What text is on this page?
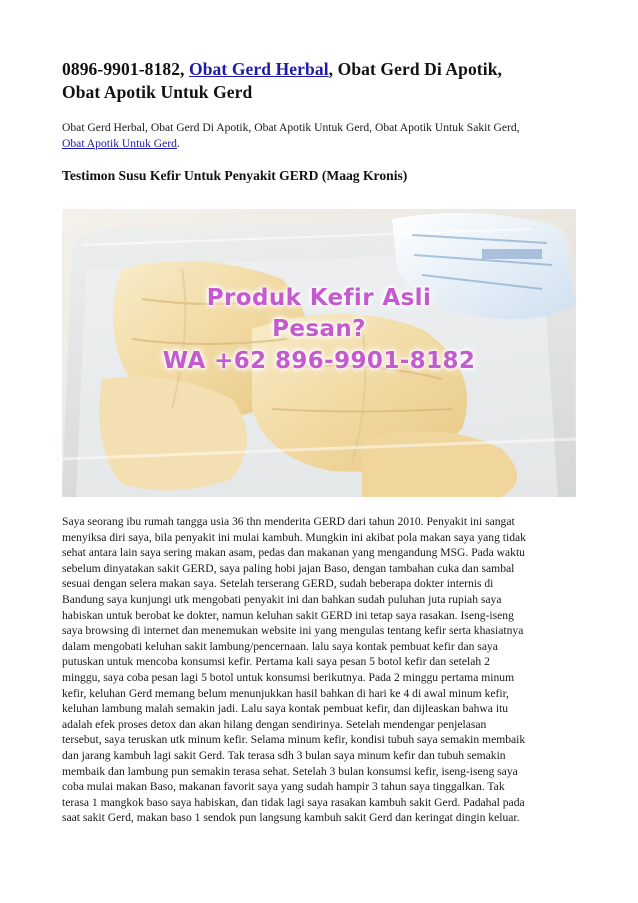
0896-9901-8182, Obat Gerd Herbal, Obat Gerd Di Apotik,
Obat Apotik Untuk Gerd
Obat Gerd Herbal, Obat Gerd Di Apotik, Obat Apotik Untuk Gerd, Obat Apotik Untuk Sakit Gerd,
Obat Apotik Untuk Gerd.
Testimon Susu Kefir Untuk Penyakit GERD (Maag Kronis)
Produk Kefir Asli
Pesan?
WA +62 896-9901-8182
Saya seorang ibu rumah tangga usia 36 thn menderita GERD dari tahun 2010. Penyakit ini sangat
menyiksa diri saya, bila penyakit ini mulai kambuh. Mungkin ini akibat pola makan saya yang tidak
sehat antara lain saya sering makan asam, pedas dan makanan yang mengandung MSG. Pada waktu
sebelum dinyatakan sakit GERD, saya paling hobi jajan Baso, dengan tambahan cuka dan sambal
sesuai dengan selera makan saya. Setelah terserang GERD, sudah beberapa dokter internis di
Bandung saya kunjungi utk mengobati penyakit ini dan bahkan sudah puluhan juta rupiah saya
habiskan untuk berobat ke dokter, namun keluhan sakit GERD ini tetap saya rasakan. Iseng-iseng
saya browsing di internet dan menemukan website ini yang mengulas tentang kefir serta khasiatnya
dalam mengobati keluhan sakit lambung/pencernaan. lalu saya kontak pembuat kefir dan saya
putuskan untuk mencoba konsumsi kefir. Pertama kali saya pesan 5 botol kefir dan setelah 2
minggu, saya coba pesan lagi 5 botol untuk konsumsi berikutnya. Pada 2 minggu pertama minum
kefir, keluhan Gerd memang belum menunjukkan hasil bahkan di hari ke 4 di awal minum kefir,
keluhan lambung malah semakin jadi. Lalu saya kontak pembuat kefir, dan dijleaskan bahwa itu
adalah efek proses detox dan akan hilang dengan sendirinya. Setelah mendengar penjelasan
tersebut, saya teruskan utk minum kefir. Selama minum kefir, kondisi tubuh saya semakin membaik
dan jarang kambuh lagi sakit Gerd. Tak terasa sdh 3 bulan saya minum kefir dan tubuh semakin
membaik dan lambung pun semakin terasa sehat. Setelah 3 bulan konsumsi kefir, iseng-iseng saya
coba mulai makan Baso, makanan favorit saya yang sudah hampir 3 tahun saya tinggalkan. Tak
terasa 1 mangkok baso saya habiskan, dan tidak lagi saya rasakan kambuh sakit Gerd. Padahal pada
saat sakit Gerd, makan baso 1 sendok pun langsung kambuh sakit Gerd dan keringat dingin keluar.
